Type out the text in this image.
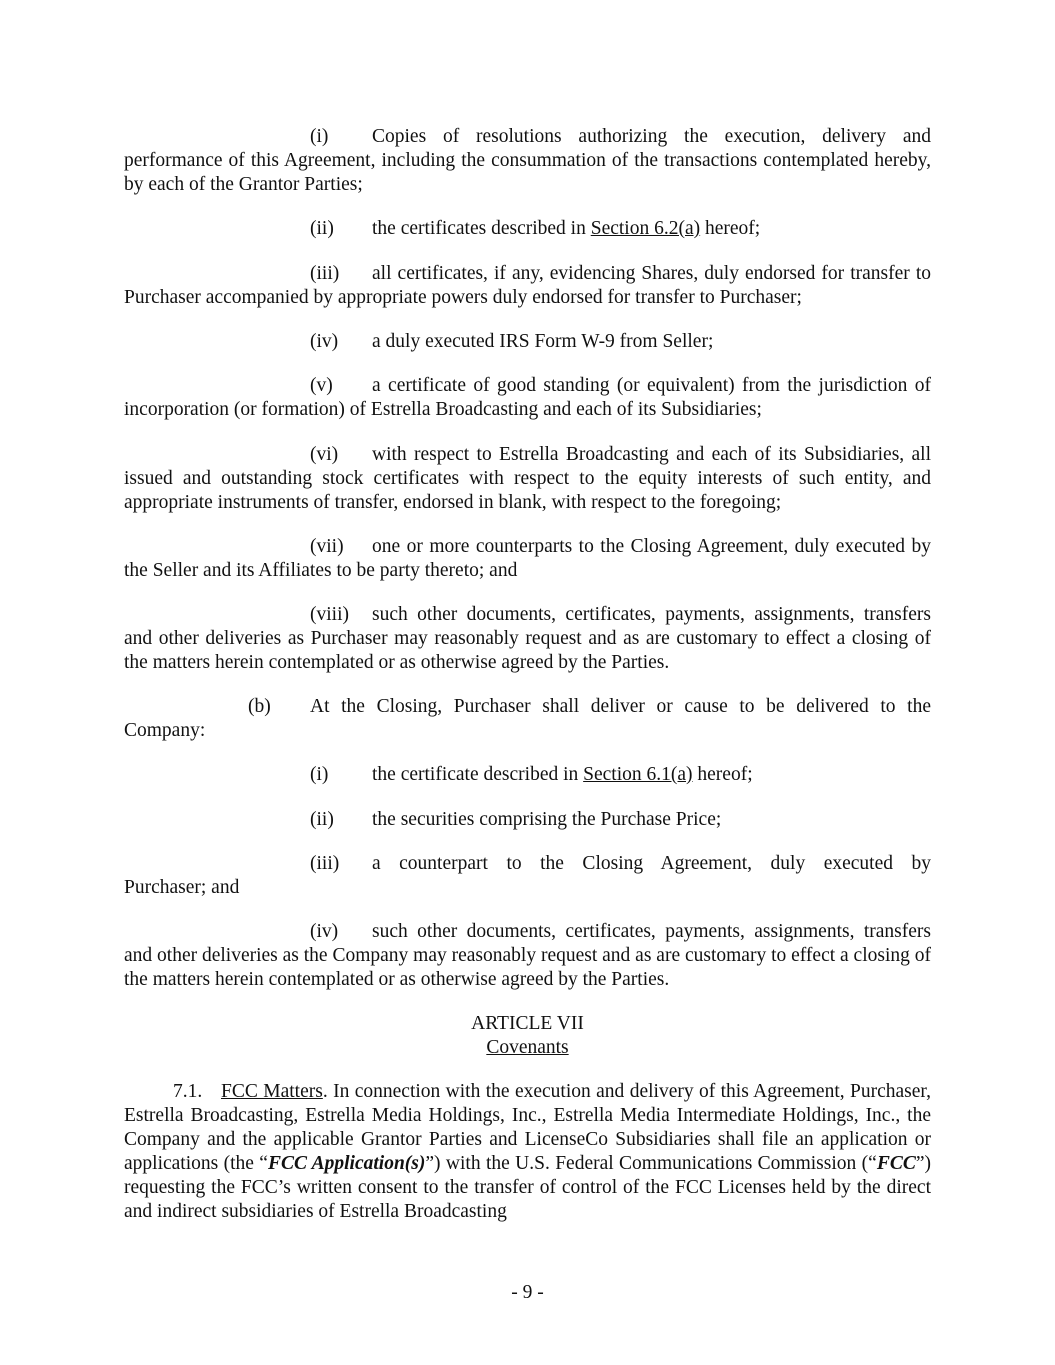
(i) Copies of resolutions authorizing the execution, delivery and performance of this Agreement, including the consummation of the transactions contemplated hereby, by each of the Grantor Parties;

(ii) the certificates described in Section 6.2(a) hereof;

(iii) all certificates, if any, evidencing Shares, duly endorsed for transfer to Purchaser accompanied by appropriate powers duly endorsed for transfer to Purchaser;

(iv) a duly executed IRS Form W-9 from Seller;

(v) a certificate of good standing (or equivalent) from the jurisdiction of incorporation (or formation) of Estrella Broadcasting and each of its Subsidiaries;

(vi) with respect to Estrella Broadcasting and each of its Subsidiaries, all issued and outstanding stock certificates with respect to the equity interests of such entity, and appropriate instruments of transfer, endorsed in blank, with respect to the foregoing;

(vii) one or more counterparts to the Closing Agreement, duly executed by the Seller and its Affiliates to be party thereto; and

(viii) such other documents, certificates, payments, assignments, transfers and other deliveries as Purchaser may reasonably request and as are customary to effect a closing of the matters herein contemplated or as otherwise agreed by the Parties.

(b) At the Closing, Purchaser shall deliver or cause to be delivered to the

Company:

(i) the certificate described in Section 6.1(a) hereof;

(ii) the securities comprising the Purchase Price;

(iii) a counterpart to the Closing Agreement, duly executed by

Purchaser; and

(iv) such other documents, certificates, payments, assignments, transfers and other deliveries as the Company may reasonably request and as are customary to effect a closing of the matters herein contemplated or as otherwise agreed by the Parties.

ARTICLE VII

Covenants

7.1. FCC Matters. In connection with the execution and delivery of this Agreement, Purchaser, Estrella Broadcasting, Estrella Media Holdings, Inc., Estrella Media Intermediate Holdings, Inc., the Company and the applicable Grantor Parties and LicenseCo Subsidiaries shall file an application or applications (the “FCC Application(s)”) with the U.S. Federal Communications Commission (“FCC”) requesting the FCC’s written consent to the transfer of control of the FCC Licenses held by the direct and indirect subsidiaries of Estrella Broadcasting

- 9 -
